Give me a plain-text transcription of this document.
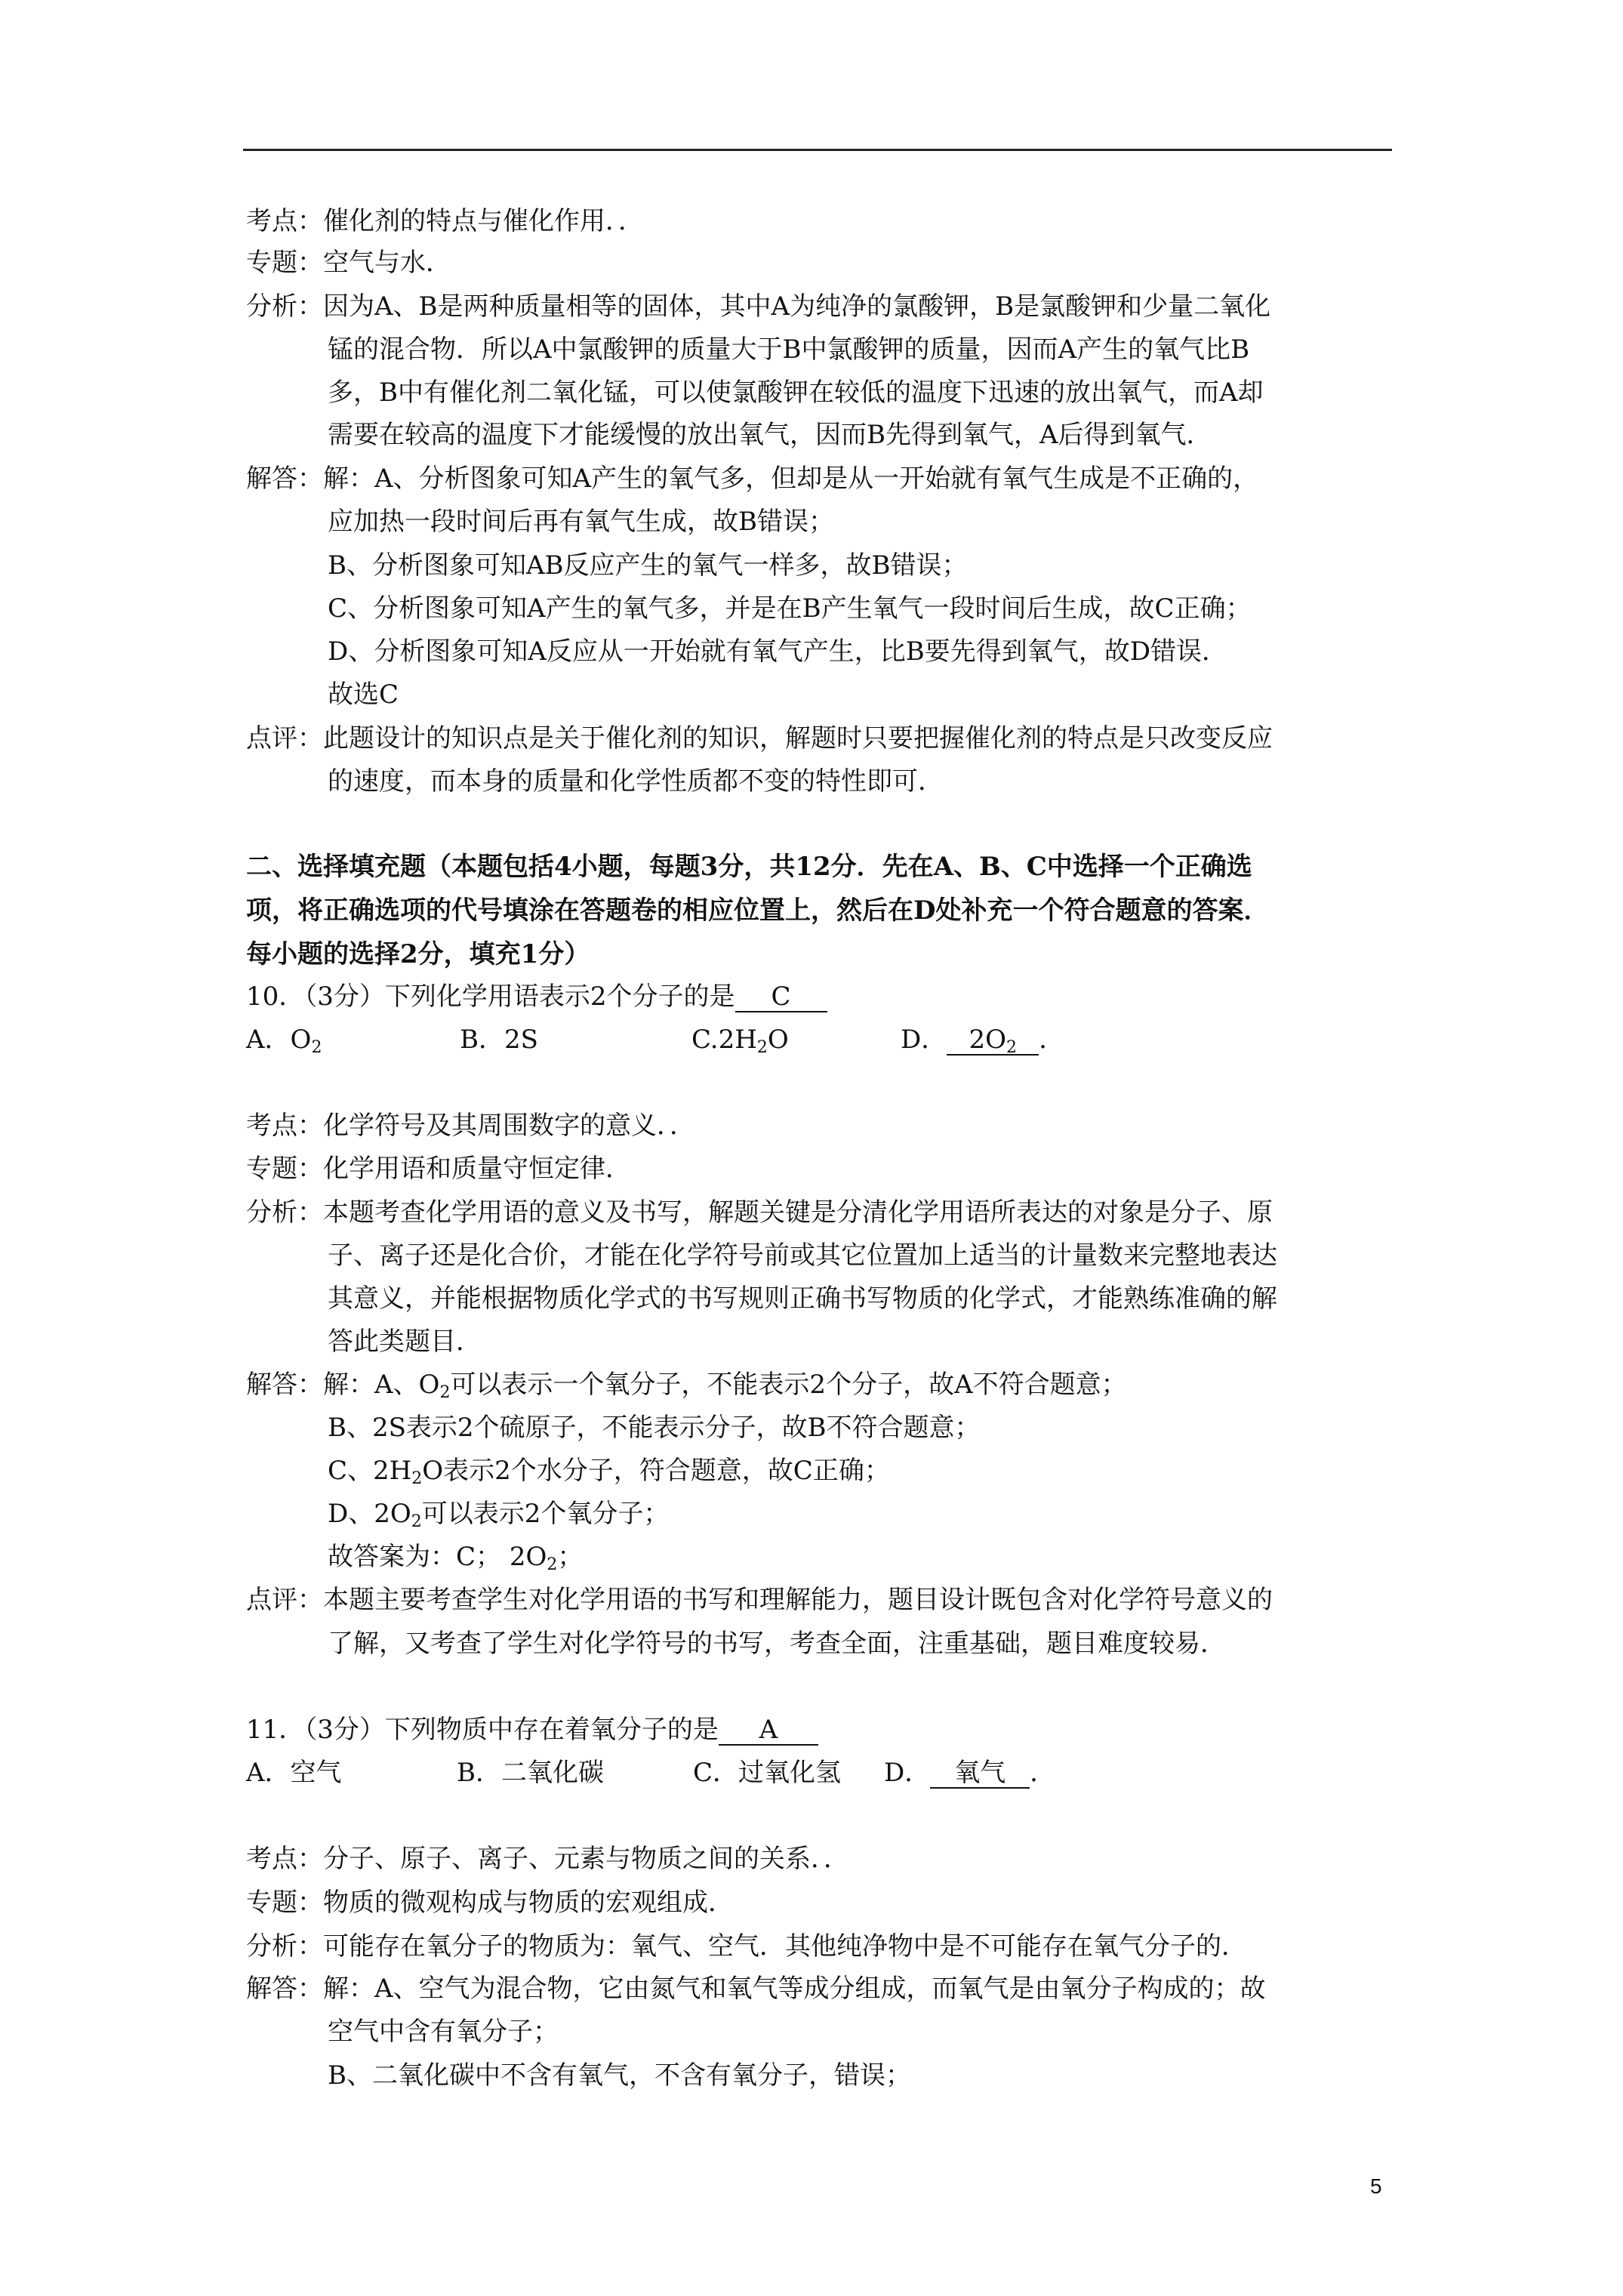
考点：催化剂的特点与催化作用．．
专题：空气与水．
分析：因为A、B是两种质量相等的固体，其中A为纯净的氯酸钾，B是氯酸钾和少量二氧化
锰的混合物．所以A中氯酸钾的质量大于B中氯酸钾的质量，因而A产生的氧气比B
多，B中有催化剂二氧化锰，可以使氯酸钾在较低的温度下迅速的放出氧气，而A却
需要在较高的温度下才能缓慢的放出氧气，因而B先得到氧气，A后得到氧气．
解答：解：A、分析图象可知A产生的氧气多，但却是从一开始就有氧气生成是不正确的，
应加热一段时间后再有氧气生成，故B错误；
B、分析图象可知AB反应产生的氧气一样多，故B错误；
C、分析图象可知A产生的氧气多，并是在B产生氧气一段时间后生成，故C正确；
D、分析图象可知A反应从一开始就有氧气产生，比B要先得到氧气，故D错误．
故选C
点评：此题设计的知识点是关于催化剂的知识，解题时只要把握催化剂的特点是只改变反应
的速度，而本身的质量和化学性质都不变的特性即可．
二、选择填充题（本题包括4小题，每题3分，共12分．先在A、B、C中选择一个正确选
项，将正确选项的代号填涂在答题卷的相应位置上，然后在D处补充一个符合题意的答案．
每小题的选择2分，填充1分）
10．（3分）下列化学用语表示2个分子的是 C
A．$O_2$	B．2S	$C.2H_2O$	D． $2O_2$ ．
考点：化学符号及其周围数字的意义．．
专题：化学用语和质量守恒定律．
分析：本题考查化学用语的意义及书写，解题关键是分清化学用语所表达的对象是分子、原
子、离子还是化合价，才能在化学符号前或其它位置加上适当的计量数来完整地表达
其意义，并能根据物质化学式的书写规则正确书写物质的化学式，才能熟练准确的解
答此类题目．
解答：解：A、$O_2$可以表示一个氧分子，不能表示2个分子，故A不符合题意；
B、2S表示2个硫原子，不能表示分子，故B不符合题意；
C、$2H_2O$表示2个水分子，符合题意，故C正确；
D、$2O_2$可以表示2个氧分子；
故答案为：C； $2O_2$；
点评：本题主要考查学生对化学用语的书写和理解能力，题目设计既包含对化学符号意义的
了解，又考查了学生对化学符号的书写，考查全面，注重基础，题目难度较易．
11．（3分）下列物质中存在着氧分子的是 A
A．空气	B．二氧化碳	C．过氧化氢 D． 氧气 ．
考点：分子、原子、离子、元素与物质之间的关系．．
专题：物质的微观构成与物质的宏观组成．
分析：可能存在氧分子的物质为：氧气、空气．其他纯净物中是不可能存在氧气分子的．
解答：解：A、空气为混合物，它由氮气和氧气等成分组成，而氧气是由氧分子构成的；故
空气中含有氧分子；
B、二氧化碳中不含有氧气，不含有氧分子，错误；
5
